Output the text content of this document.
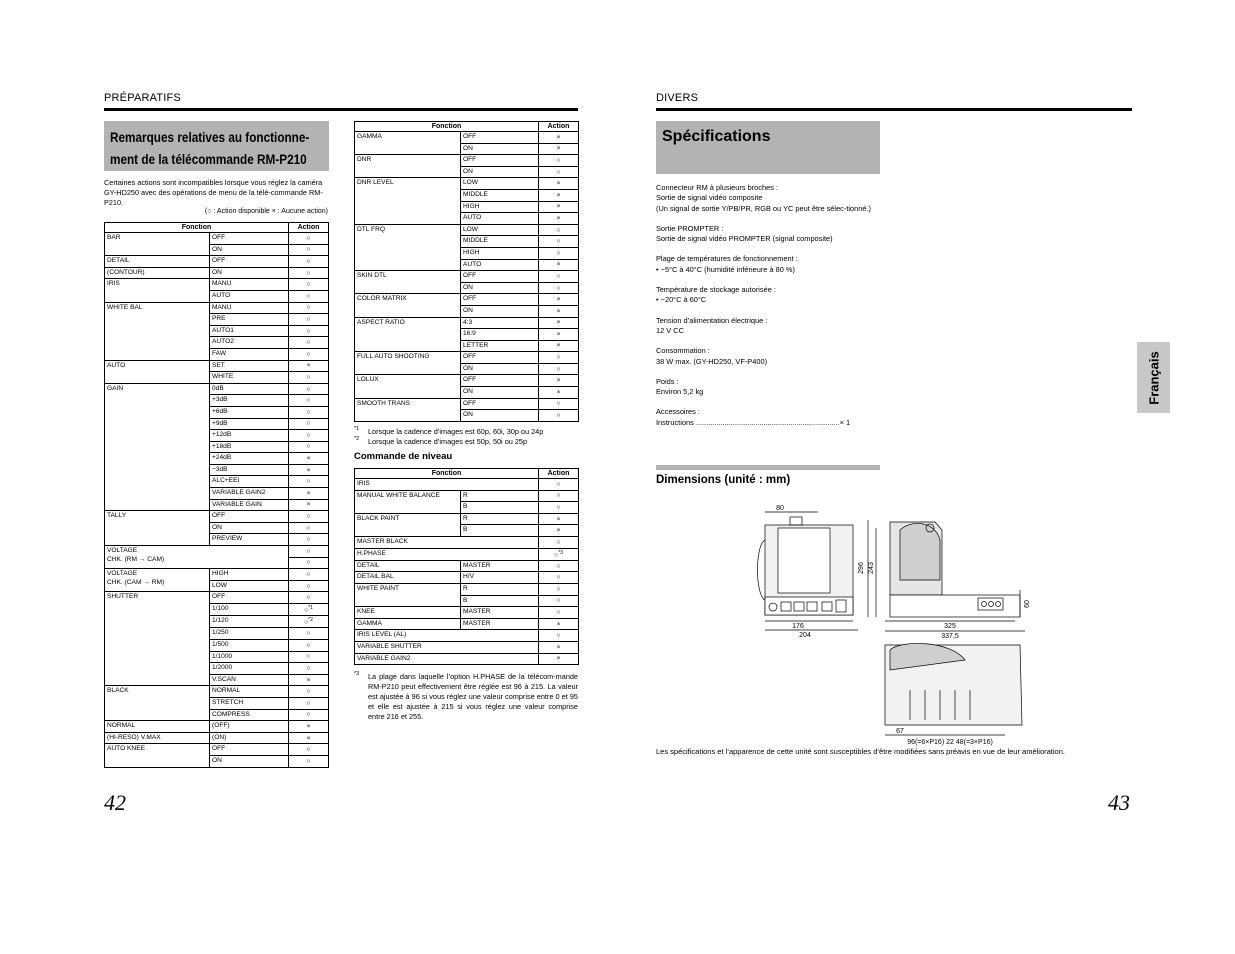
PRÉPARATIFS
Remarques relatives au fonctionne-
ment de la télécommande RM-P210
Certaines actions sont incompatibles lorsque vous réglez la caméra GY-HD250 avec des opérations de menu de la télé-commande RM-P210.
(○ : Action disponible × : Aucune action)
Fonction		Action
BAR	OFF	○
	ON	○
DETAIL	OFF	○
(CONTOUR)	ON	○
IRIS	MANU	○
	AUTO	○
WHITE BAL	MANU	○
	PRE	○
	AUTO1	○
	AUTO2	○
	FAW	○
AUTO	SET	×
	WHITE	○
GAIN	0dB	○
	+3dB	○
	+6dB	○
	+9dB	○
	+12dB	○
	+18dB	○
	+24dB	×
	−3dB	×
	ALC+EEI	○
	VARIABLE GAIN2	×
	VARIABLE GAIN	×
TALLY	OFF	○
	ON	○
	PREVIEW	○
VOLTAGE
CHK. (RM → CAM)		○
		○
VOLTAGE
CHK. (CAM → RM)	HIGH	○
	LOW	○
SHUTTER	OFF	○
	1/100	○$^{*1}$
	1/120	○$^{*2}$
	1/250	○
	1/500	○
	1/1000	○
	1/2000	○
	V.SCAN	×
BLACK	NORMAL	○
	STRETCH	○
	COMPRESS	○
NORMAL	(OFF)	×
(HI-RESO) V.MAX	(ON)	×
AUTO KNEE	OFF	○
	ON	○
42
Fonction		Action
GAMMA	OFF	×
	ON	×
DNR	OFF	○
	ON	○
DNR LEVEL	LOW	×
	MIDDLE	×
	HIGH	×
	AUTO	×
DTL FRQ	LOW	○
	MIDDLE	○
	HIGH	○
	AUTO	×
SKIN DTL	OFF	○
	ON	○
COLOR MATRIX	OFF	×
	ON	×
ASPECT RATIO	4:3	×
	16:9	×
	LETTER	×
FULL AUTO SHOOTING	OFF	○
	ON	○
LOLUX	OFF	×
	ON	×
SMOOTH TRANS	OFF	○
	ON	○
*1 Lorsque la cadence d’images est 60p, 60i, 30p ou 24p
*2 Lorsque la cadence d’images est 50p, 50i ou 25p
Commande de niveau
Fonction		Action
IRIS		○
MANUAL WHITE BALANCE	R	○
	B	○
BLACK PAINT	R	×
	B	×
MASTER BLACK		○
H.PHASE		○$^{*3}$
DETAIL	MASTER	○
DETAIL BAL	H/V	○
WHITE PAINT	R	○
	B	○
KNEE	MASTER	○
GAMMA	MASTER	×
IRIS LEVEL (AL)		○
VARIABLE SHUTTER		×
VARIABLE GAIN2		×
*3 La plage dans laquelle l’option H.PHASE de la télécom-mande RM-P210 peut effectivement être réglée est 96 à 215. La valeur est ajustée à 96 si vous réglez une valeur comprise entre 0 et 95 et elle est ajustée à 215 si vous réglez une valeur comprise entre 216 et 255.
DIVERS
Spécifications
Connecteur RM à plusieurs broches :
Sortie de signal vidéo composite
(Un signal de sortie Y/PB/PR, RGB ou YC peut être sélec-tionné.)
Sortie PROMPTER :
Sortie de signal vidéo PROMPTER (signal composite)
Plage de températures de fonctionnement :
• −5°C à 40°C (humidité inférieure à 80 %)
Température de stockage autorisée :
• −20°C à 60°C
Tension d’alimentation électrique :
12 V CC
Consommation :
38 W max. (GY-HD250, VF-P400)
Poids :
Environ 5,2 kg
Accessoires :
Instructions ......................................................................× 1
Dimensions (unité : mm)
Français
80
176
204
325
337,5
67
96(=6×P16) 22 48(=3×P16)
296 243
60
Les spécifications et l’apparence de cette unité sont susceptibles d’être modifiées sans préavis en vue de leur amélioration.
43
